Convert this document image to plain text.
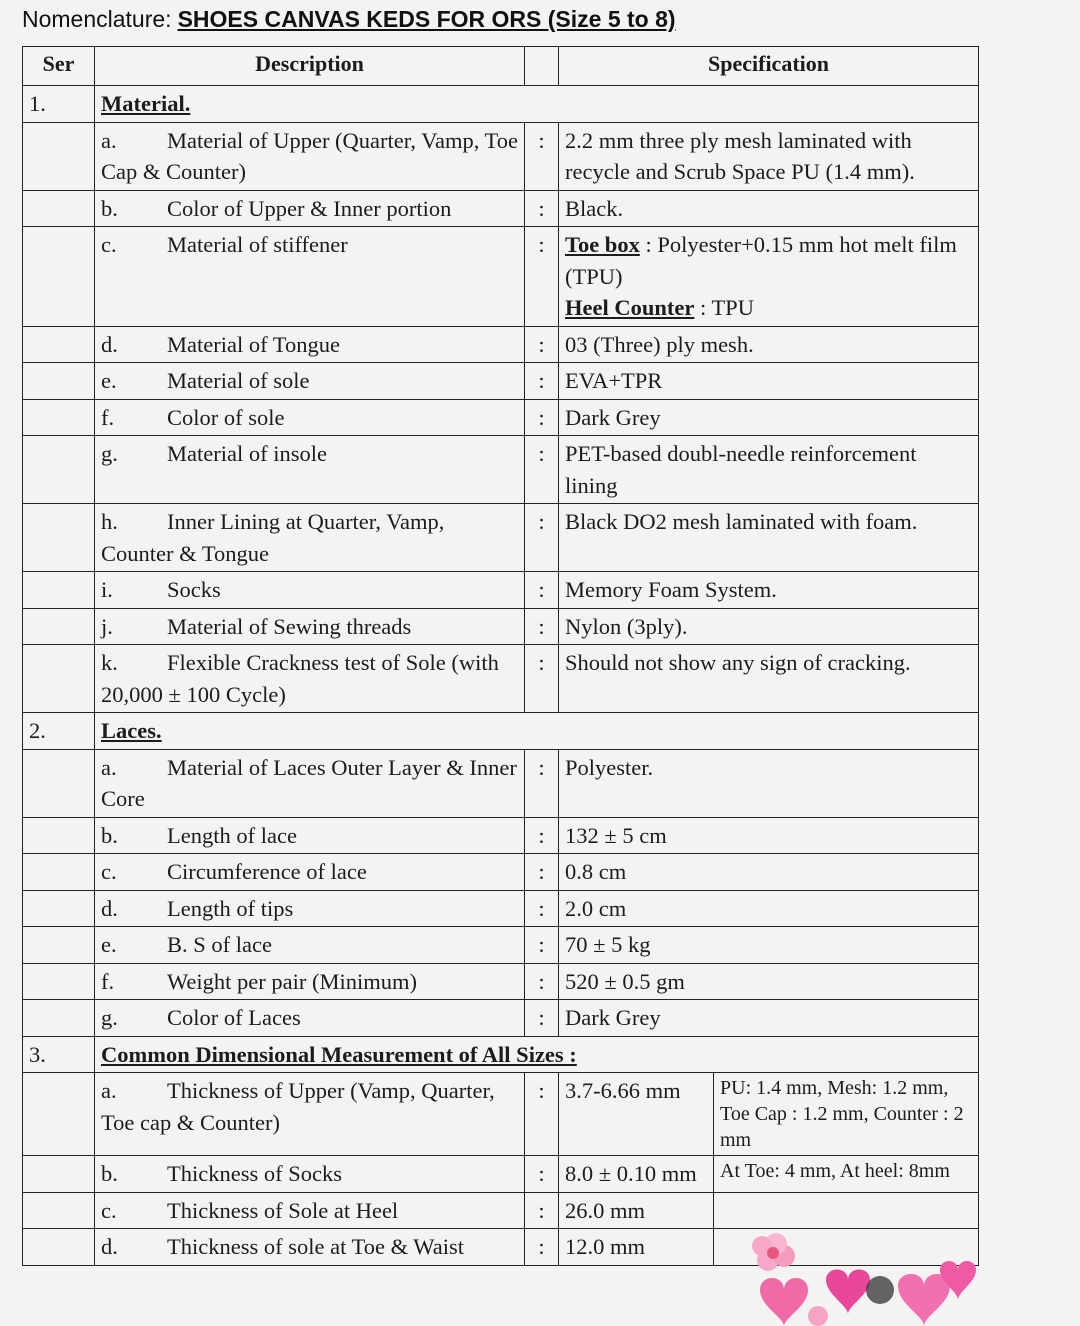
Nomenclature: SHOES CANVAS KEDS FOR ORS (Size 5 to 8)
Ser	Description		Specification	
1.	Material.			
	a. Material of Upper (Quarter, Vamp, Toe Cap & Counter)	:	2.2 mm three ply mesh laminated with recycle and Scrub Space PU (1.4 mm).	
	b. Color of Upper & Inner portion	:	Black.	
	c. Material of stiffener	:	Toe box : Polyester+0.15 mm hot melt film (TPU)
Heel Counter : TPU	

	d. Material of Tongue	:	03 (Three) ply mesh.	
	e. Material of sole	:	EVA+TPR	
	f. Color of sole	:	Dark Grey	
	g. Material of insole	:	PET-based doubl-needle reinforcement lining	
	h. Inner Lining at Quarter, Vamp, Counter & Tongue	:	Black DO2 mesh laminated with foam.	
	i. Socks	:	Memory Foam System.	
	j. Material of Sewing threads	:	Nylon (3ply).	
	k. Flexible Crackness test of Sole (with 20,000 ± 100 Cycle)	:	Should not show any sign of cracking.	
2.	Laces.			
	a. Material of Laces Outer Layer & Inner Core	:	Polyester.	
	b. Length of lace	:	132 ± 5 cm	
	c. Circumference of lace	:	0.8 cm	
	d. Length of tips	:	2.0 cm	
	e. B. S of lace	:	70 ± 5 kg	
	f. Weight per pair (Minimum)	:	520 ± 0.5 gm	
	g. Color of Laces	:	Dark Grey	
3.	Common Dimensional Measurement of All Sizes :			
	a. Thickness of Upper (Vamp, Quarter, Toe cap & Counter)	:	3.7-6.66 mm	PU: 1.4 mm, Mesh: 1.2 mm, Toe Cap : 1.2 mm, Counter : 2 mm
	b. Thickness of Socks	:	8.0 ± 0.10 mm	At Toe: 4 mm, At heel: 8mm
	c. Thickness of Sole at Heel	:	26.0 mm	
	d. Thickness of sole at Toe & Waist	:	12.0 mm	
